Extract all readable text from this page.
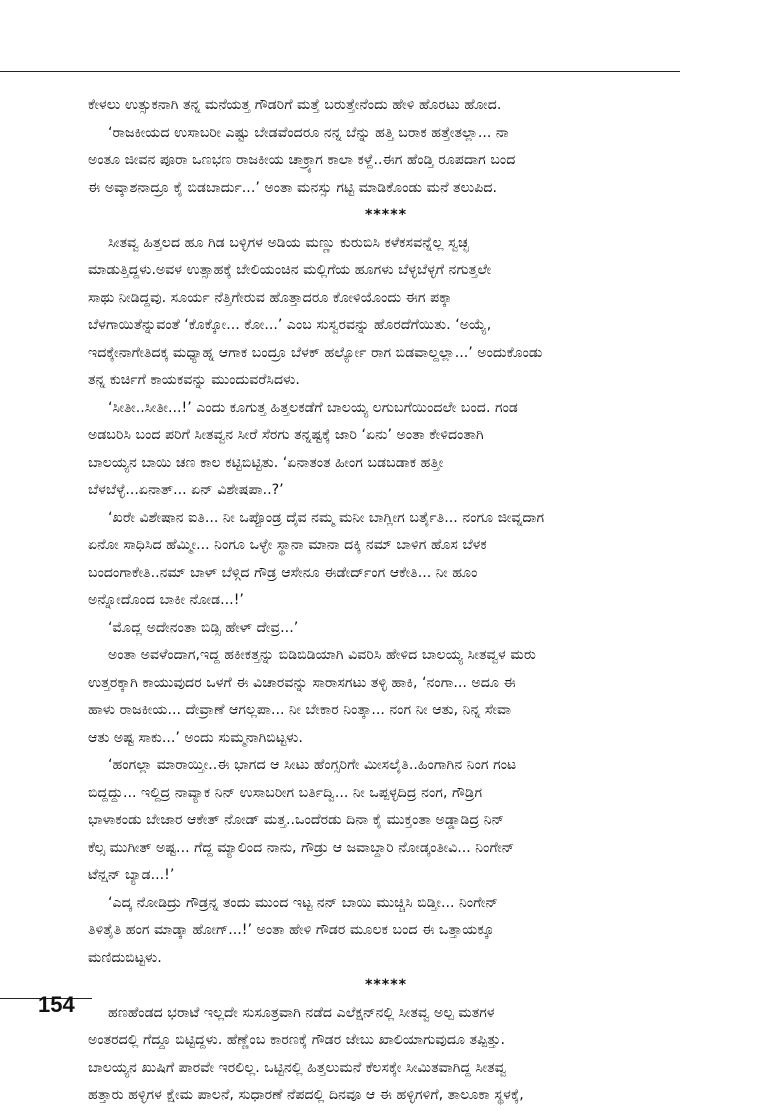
ಕೇಳಲು ಉತ್ಸುಕನಾಗಿ ತನ್ನ ಮನೆಯತ್ತ ಗೌಡರಿಗೆ ಮತ್ತೆ ಬರುತ್ತೇನೆಂದು ಹೇಳಿ ಹೊರಟು ಹೋದ.
‘ರಾಜಕೀಯದ ಉಸಾಬರೀ ಎಷ್ಟು ಬೇಡವೆಂದರೂ ನನ್ನ ಬೆನ್ನು ಹತ್ತಿ ಬರಾಕ ಹತ್ತೇತಲ್ಲಾ... ನಾ
ಅಂತೂ ಜೀವನ ಪೂರಾ ಒಣಭಣ ರಾಜಕೀಯ ಚಾಕ್ರ್ಯಾಗ ಕಾಲಾ ಕಳ್ದೆ..ಈಗ ಹೆಂಡ್ತಿ ರೂಪದಾಗ ಬಂದ
ಈ ಅವ್ಕಾಶನಾದ್ರೂ ಕೈ ಬಿಡಬಾರ್ದು...’ ಅಂತಾ ಮನಸ್ಸು ಗಟ್ಟಿ ಮಾಡಿಕೊಂಡು ಮನೆ ತಲುಪಿದ.
*****
ಸೀತವ್ವ ಹಿತ್ತಲದ ಹೂ ಗಿಡ ಬಳ್ಳಿಗಳ ಅಡಿಯ ಮಣ್ಣು ಕುರುಬಿಸಿ ಕಳೆಕಸವನ್ನೆಲ್ಲ ಸ್ವಚ್ಛ
ಮಾಡುತ್ತಿದ್ದಳು.ಅವಳ ಉತ್ಸಾಹಕ್ಕೆ ಬೇಲಿಯಂಚಿನ ಮಲ್ಲಿಗೆಯ ಹೂಗಳು ಬೆಳ್ಳಬೆಳ್ಳಗೆ ನಗುತ್ತಲೇ
ಸಾಥು ನೀಡಿದ್ದವು. ಸೂರ್ಯ ನೆತ್ತಿಗೇರುವ ಹೊತ್ತಾದರೂ ಕೋಳಿಯೊಂದು ಈಗ ಪಕ್ಕಾ
ಬೆಳಗಾಯಿತೆನ್ನುವಂತೆ ‘ಕೊಕ್ಕೋ... ಕೋ...’ ಎಂಬ ಸುಸ್ವರವನ್ನು ಹೊರದೆಗೆಯಿತು. ‘ಅಯ್ಯೆ,
ಇದಕ್ಕೇನಾಗೇತಿದಕ್ಕ ಮಧ್ಯಾಹ್ನ ಆಗಾಕ ಬಂದ್ರೂ ಬೆಳಕ್ ಹರ್ಲ್ಯೋ ರಾಗ ಬಿಡವಾಲ್ದಲ್ಲಾ...’ ಅಂದುಕೊಂಡು
ತನ್ನ ಕುರ್ಚಿಗೆ ಕಾಯಕವನ್ನು ಮುಂದುವರೆಸಿದಳು.
‘ಸೀತೀ..ಸೀತೀ...!’ ಎಂದು ಕೂಗುತ್ತ ಹಿತ್ತಲಕಡೆಗೆ ಬಾಲಯ್ಯ ಲಗುಬಗೆಯಿಂದಲೇ ಬಂದ. ಗಂಡ
ಅಡಬರಿಸಿ ಬಂದ ಪರಿಗೆ ಸೀತವ್ವನ ಸೀರೆ ಸೆರಗು ತನ್ನಷ್ಟಕ್ಕೆ ಜಾರಿ ‘ಏನು’ ಅಂತಾ ಕೇಳಿದಂತಾಗಿ
ಬಾಲಯ್ಯನ ಬಾಯಿ ಚಣ ಕಾಲ ಕಟ್ಟಿಬಿಟ್ಟಿತು. ‘ಏನಾತಂತ ಹೀಂಗ ಬಡಬಡಾಕ ಹತ್ತೀ
ಬೆಳಬೆಳ್ಳೆ...ಏನಾತ್... ಏನ್ ವಿಶೇಷಪಾ..?’
‘ಖರೇ ವಿಶೇಷಾನ ಐತಿ... ನೀ ಒಪ್ಪೊಂಡ್ರ ದೈವ ನಮ್ಮ ಮನೀ ಬಾಗ್ಲೀಗ ಬರ್ತೈತಿ... ನಂಗೂ ಜೀವ್ನದಾಗ
ಏನೋ ಸಾಧಿಸಿದ ಹೆಮ್ಮೀ... ನಿಂಗೂ ಒಳ್ಳೇ ಸ್ಥಾನಾ ಮಾನಾ ದಕ್ಕಿ ನಮ್ ಬಾಳಿಗ ಹೊಸ ಬೆಳಕ
ಬಂದಂಗಾಕೇತಿ..ನಮ್ ಬಾಳ್ ಬೆಳ್ಗಿದ ಗೌಡ್ರ ಆಸೇನೂ ಈಡೇರ್ದ್ಂಗ ಆಕೇತಿ... ನೀ ಹೂಂ
ಅನ್ನೋದೊಂದ ಬಾಕೀ ನೋಡ...!’
‘ಮೊದ್ಲ ಅದೇನಂತಾ ಬಿಡ್ಸಿ ಹೇಳ್ ದೇವ್ರ...’
ಅಂತಾ ಅವಳೆಂದಾಗ,ಇದ್ದ ಹಕೀಕತ್ತನ್ನು ಬಿಡಿಬಿಡಿಯಾಗಿ ವಿವರಿಸಿ ಹೇಳಿದ ಬಾಲಯ್ಯ ಸೀತವ್ವಳ ಮರು
ಉತ್ತರಕ್ಕಾಗಿ ಕಾಯುವುದರ ಒಳಗೆ ಈ ವಿಚಾರವನ್ನು ಸಾರಾಸಗಟು ತಳ್ಳಿ ಹಾಕಿ, ‘ನಂಗಾ... ಅದೂ ಈ
ಹಾಳು ರಾಜಕೀಯ... ದೇವ್ರಾಣೆ ಆಗಲ್ಲಪಾ... ನೀ ಬೇಕಾರ ನಿಂತ್ಕಾ... ನಂಗ ನೀ ಆತು, ನಿನ್ನ ಸೇವಾ
ಆತು ಅಷ್ಟ ಸಾಕು...’ ಅಂದು ಸುಮ್ಮನಾಗಿಬಿಟ್ಟಳು.
‘ಹಂಗಲ್ಲಾ ಮಾರಾಯ್ತೀ..ಈ ಭಾಗದ ಆ ಸೀಟು ಹೆಂಗ್ಸರಿಗೇ ಮೀಸಲೈತಿ..ಹಿಂಗಾಗಿನ ನಿಂಗ ಗಂಟ
ಬಿದ್ದದ್ದು... ಇಲ್ದಿದ್ರ ನಾವ್ಯಾಕ ನಿನ್ ಉಸಾಬರೀಗ ಬರ್ತಿದ್ವಿ... ನೀ ಒಪ್ಪಳ್ಳದಿದ್ರ ನಂಗ, ಗೌಡ್ರಿಗ
ಭಾಳಾಕಂಡು ಬೇಜಾರ ಆಕೇತ್ ನೋಡ್ ಮತ್ತ..ಒಂದೆರಡು ದಿನಾ ಕೈ ಮುಕ್ತಂತಾ ಅಡ್ಡಾಡಿದ್ರ ನಿನ್
ಕೆಲ್ಸ ಮುಗೀತ್ ಅಷ್ಟ... ಗೆದ್ದ ಮ್ಯಾಲಿಂದ ನಾನು, ಗೌಡ್ರು ಆ ಜವಾಬ್ದಾರಿ ನೋಡ್ಕಂತೀವಿ... ನಿಂಗೇನ್
ಟೆನ್ಷನ್ ಬ್ಯಾಡ...!’
‘ಎದ್ಕ ನೋಡಿದ್ರು ಗೌಡ್ರನ್ನ ತಂದು ಮುಂದ ಇಟ್ಟ ನನ್ ಬಾಯಿ ಮುಚ್ಚಿಸಿ ಬಿಡ್ತೀ... ನಿಂಗೇನ್
ತಿಳಿತೈತಿ ಹಂಗ ಮಾಡ್ಕಾ ಹೋಗ್...!’ ಅಂತಾ ಹೇಳಿ ಗೌಡರ ಮೂಲಕ ಬಂದ ಈ ಒತ್ತಾಯಕ್ಕೂ
ಮಣಿದುಬಿಟ್ಟಳು.
*****
ಹಣಹೆಂಡದ ಭರಾಟೆ ಇಲ್ಲದೇ ಸುಸೂತ್ರವಾಗಿ ನಡೆದ ಎಲೆಕ್ಷನ್‌ನಲ್ಲಿ ಸೀತವ್ವ ಅಲ್ಪ ಮತಗಳ
ಅಂತರದಲ್ಲಿ ಗೆದ್ದೂ ಬಿಟ್ಟಿದ್ದಳು. ಹೆಣ್ಣೆಂಬ ಕಾರಣಕ್ಕೆ ಗೌಡರ ಜೇಬು ಖಾಲಿಯಾಗುವುದೂ ತಪ್ಪಿತ್ತು.
ಬಾಲಯ್ಯನ ಖುಷಿಗೆ ಪಾರವೇ ಇರಲಿಲ್ಲ. ಒಟ್ಟಿನಲ್ಲಿ ಹಿತ್ತಲುಮನೆ ಕೆಲಸಕ್ಕೇ ಸೀಮಿತವಾಗಿದ್ದ ಸೀತವ್ವ
ಹತ್ತಾರು ಹಳ್ಳಿಗಳ ಕ್ಷೇಮ ಪಾಲನೆ, ಸುಧಾರಣೆ ನೆಪದಲ್ಲಿ ದಿನವೂ ಆ ಈ ಹಳ್ಳಿಗಳಿಗೆ, ತಾಲೂಕಾ ಸ್ಥಳಕ್ಕೆ,
154
